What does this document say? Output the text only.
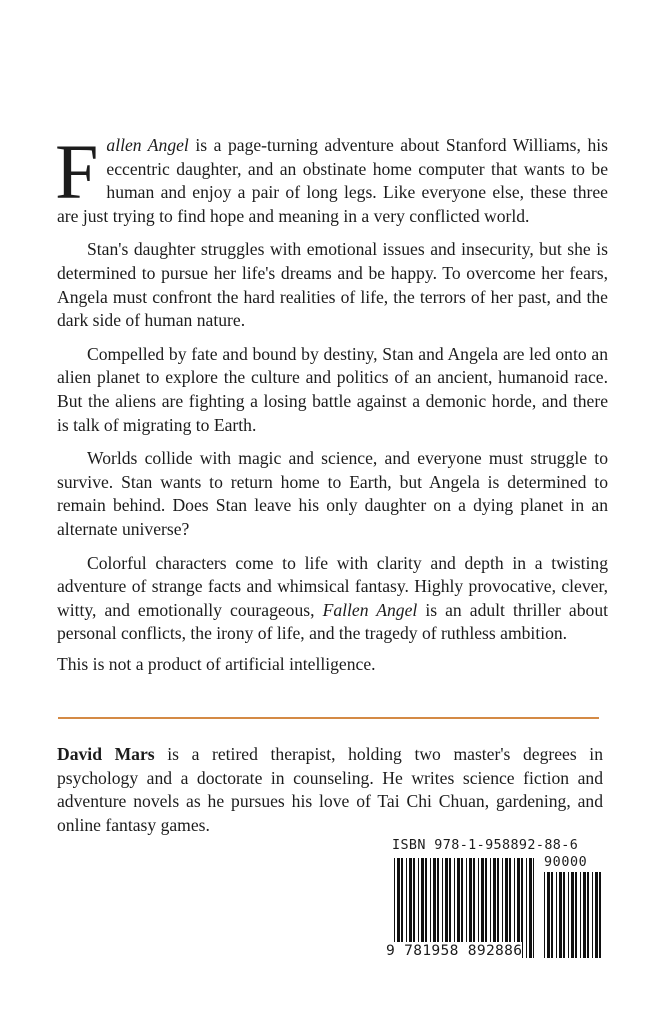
Fallen Angel is a page-turning adventure about Stanford Williams, his eccentric daughter, and an obstinate home computer that wants to be human and enjoy a pair of long legs. Like everyone else, these three are just trying to find hope and meaning in a very conflicted world.

Stan's daughter struggles with emotional issues and insecurity, but she is determined to pursue her life's dreams and be happy. To overcome her fears, Angela must confront the hard realities of life, the terrors of her past, and the dark side of human nature.

Compelled by fate and bound by destiny, Stan and Angela are led onto an alien planet to explore the culture and politics of an ancient, humanoid race. But the aliens are fighting a losing battle against a demonic horde, and there is talk of migrating to Earth.

Worlds collide with magic and science, and everyone must struggle to survive. Stan wants to return home to Earth, but Angela is determined to remain behind. Does Stan leave his only daughter on a dying planet in an alternate universe?

Colorful characters come to life with clarity and depth in a twisting adventure of strange facts and whimsical fantasy. Highly provocative, clever, witty, and emotionally courageous, Fallen Angel is an adult thriller about personal conflicts, the irony of life, and the tragedy of ruthless ambition.

This is not a product of artificial intelligence.

David Mars is a retired therapist, holding two master's degrees in psychology and a doctorate in counseling. He writes science fiction and adventure novels as he pursues his love of Tai Chi Chuan, gardening, and online fantasy games.

ISBN 978-1-958892-88-6
90000
9 781958 892886
